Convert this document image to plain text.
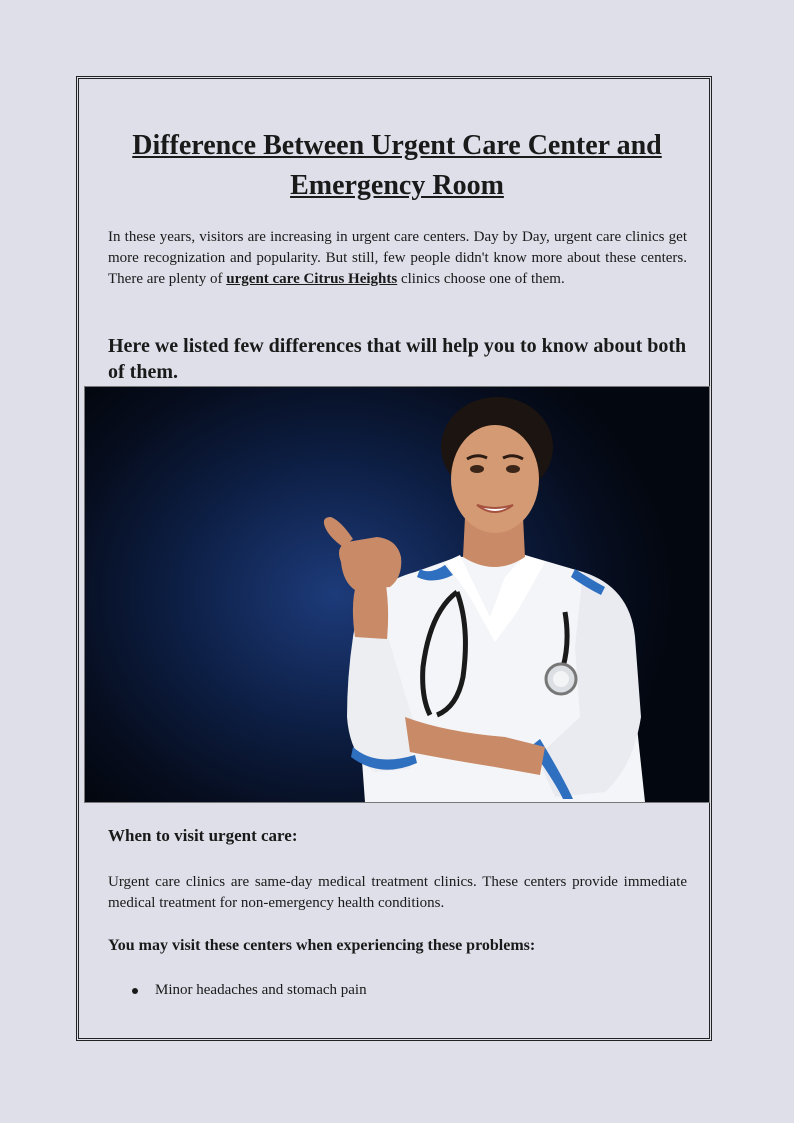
Difference Between Urgent Care Center and Emergency Room

In these years, visitors are increasing in urgent care centers. Day by Day, urgent care clinics get more recognization and popularity. But still, few people didn't know more about these centers. There are plenty of urgent care Citrus Heights clinics choose one of them.

Here we listed few differences that will help you to know about both of them.
When to visit urgent care:

Urgent care clinics are same-day medical treatment clinics. These centers provide immediate medical treatment for non-emergency health conditions.

You may visit these centers when experiencing these problems:
Minor headaches and stomach pain
